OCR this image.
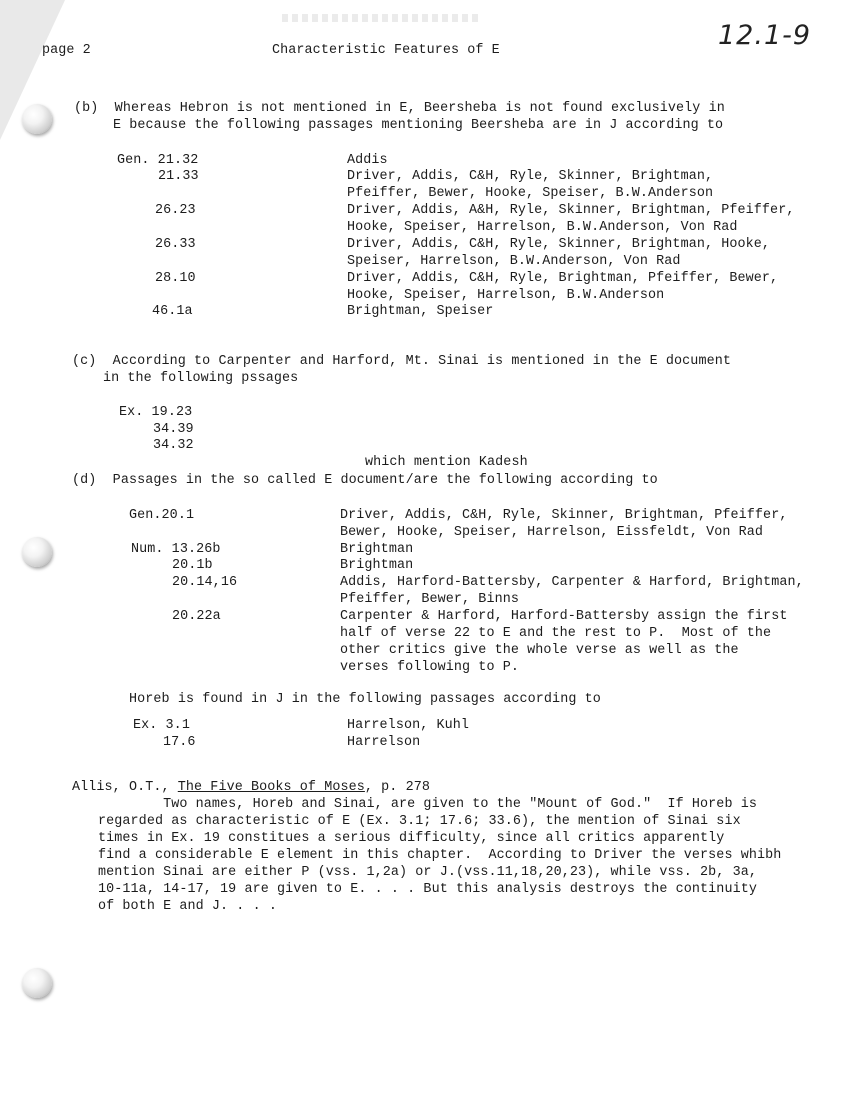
page 2	Characteristic Features of E	12.1-9
(b)  Whereas Hebron is not mentioned in E, Beersheba is not found exclusively in
E because the following passages mentioning Beersheba are in J according to
Gen. 21.32	Addis
21.33	Driver, Addis, C&H, Ryle, Skinner, Brightman,
Pfeiffer, Bewer, Hooke, Speiser, B.W.Anderson
26.23	Driver, Addis, A&H, Ryle, Skinner, Brightman, Pfeiffer,
Hooke, Speiser, Harrelson, B.W.Anderson, Von Rad
26.33	Driver, Addis, C&H, Ryle, Skinner, Brightman, Hooke,
Speiser, Harrelson, B.W.Anderson, Von Rad
28.10	Driver, Addis, C&H, Ryle, Brightman, Pfeiffer, Bewer,
Hooke, Speiser, Harrelson, B.W.Anderson
46.1a	Brightman, Speiser
(c)  According to Carpenter and Harford, Mt. Sinai is mentioned in the E document
in the following pssages
Ex. 19.23
34.39
34.32
which mention Kadesh
(d)  Passages in the so called E document/are the following according to
Gen.20.1	Driver, Addis, C&H, Ryle, Skinner, Brightman, Pfeiffer,
Bewer, Hooke, Speiser, Harrelson, Eissfeldt, Von Rad
Num. 13.26b	Brightman
20.1b	Brightman
20.14,16	Addis, Harford-Battersby, Carpenter & Harford, Brightman,
Pfeiffer, Bewer, Binns
20.22a	Carpenter & Harford, Harford-Battersby assign the first
half of verse 22 to E and the rest to P.  Most of the
other critics give the whole verse as well as the
verses following to P.
Horeb is found in J in the following passages according to
Ex. 3.1	Harrelson, Kuhl
17.6	Harrelson
Allis, O.T., The Five Books of Moses, p. 278
Two names, Horeb and Sinai, are given to the "Mount of God."  If Horeb is
regarded as characteristic of E (Ex. 3.1; 17.6; 33.6), the mention of Sinai six
times in Ex. 19 constitues a serious difficulty, since all critics apparently
find a considerable E element in this chapter.  According to Driver the verses whibh
mention Sinai are either P (vss. 1,2a) or J.(vss.11,18,20,23), while vss. 2b, 3a,
10-11a, 14-17, 19 are given to E. . . . But this analysis destroys the continuity
of both E and J. . . .
